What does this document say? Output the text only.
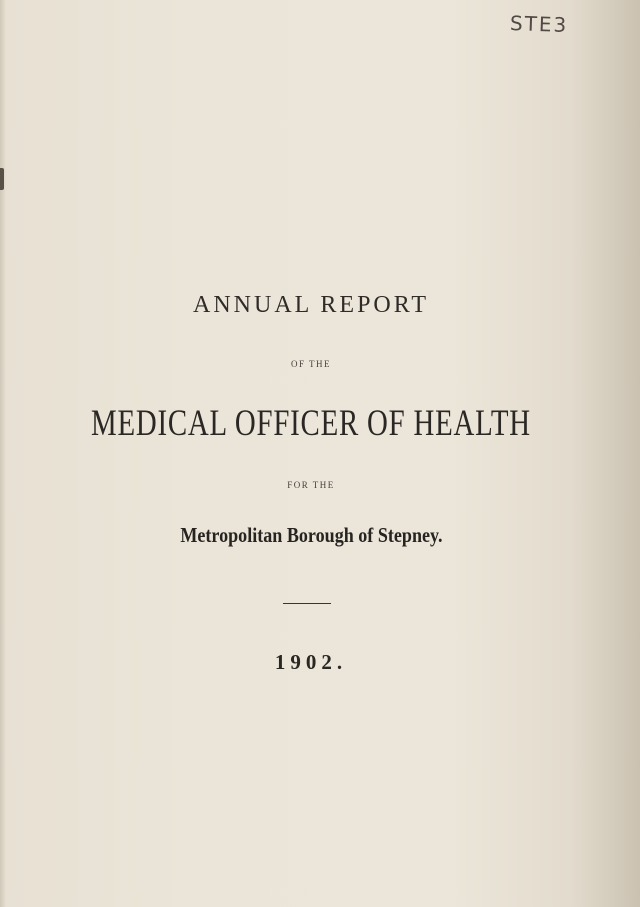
STE3
ANNUAL REPORT
OF THE
MEDICAL OFFICER OF HEALTH
FOR THE
Metropolitan Borough of Stepney.
1902.
